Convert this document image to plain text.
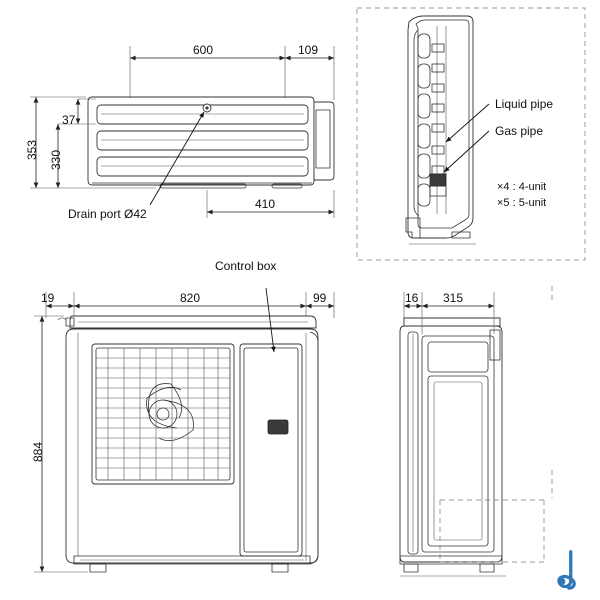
600	109
353 330
37
410
Drain port Ø42
Liquid pipe
Gas pipe
×4 : 4-unit
×5 : 5-unit
19	820	99
884
Control box
16 315
